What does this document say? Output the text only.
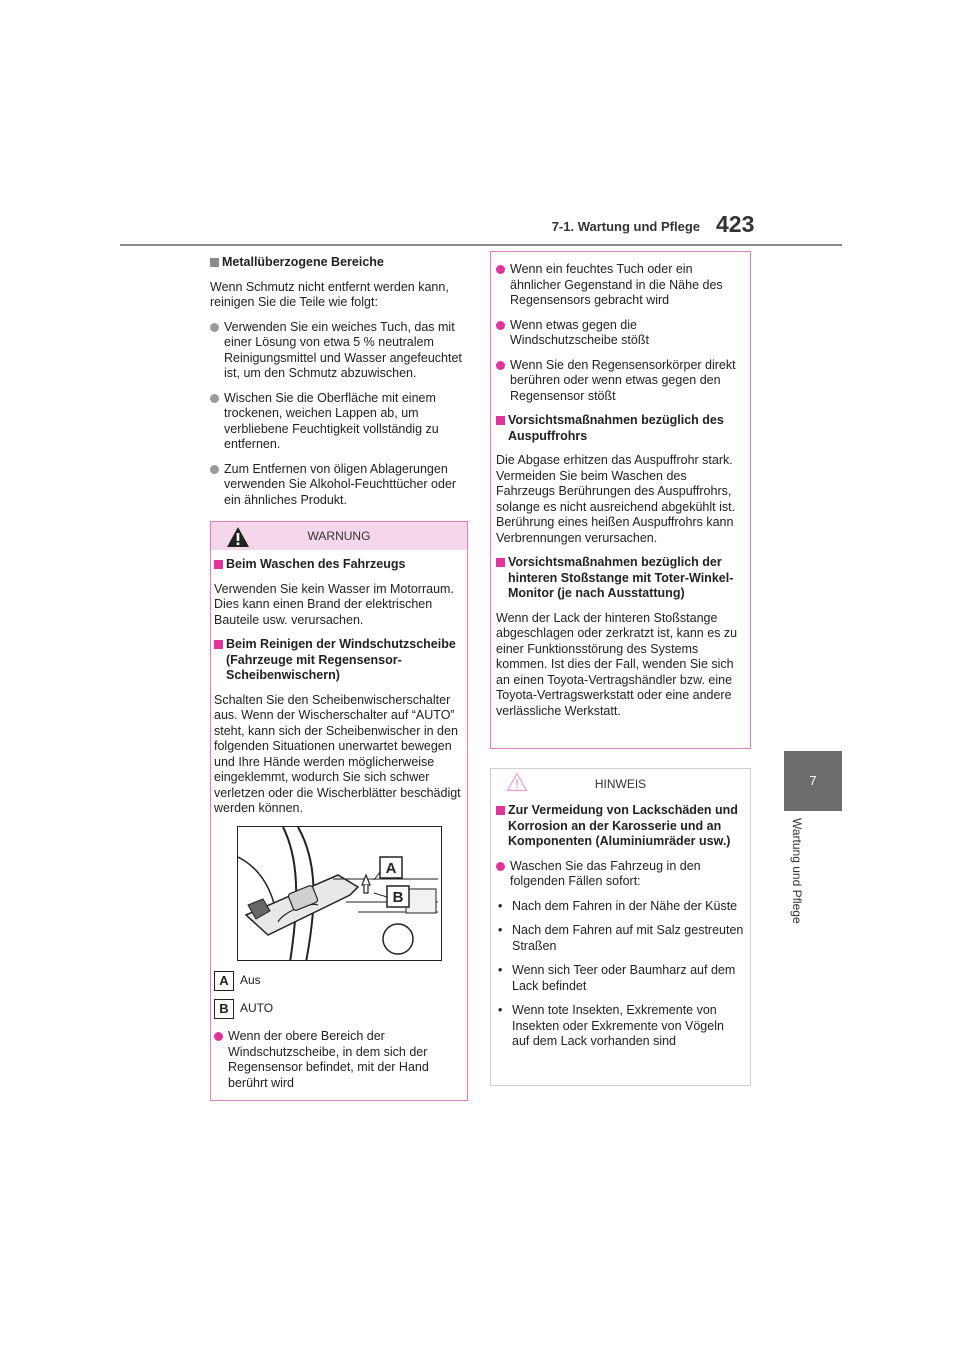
7-1. Wartung und Pflege 423
7
Wartung und Pflege

Metallüberzogene Bereiche

Wenn Schmutz nicht entfernt werden kann, reinigen Sie die Teile wie folgt:

Verwenden Sie ein weiches Tuch, das mit einer Lösung von etwa 5 % neutralem Reinigungsmittel und Wasser angefeuchtet ist, um den Schmutz abzuwischen.

Wischen Sie die Oberfläche mit einem trockenen, weichen Lappen ab, um verbliebene Feuchtigkeit vollständig zu entfernen.

Zum Entfernen von öligen Ablagerungen verwenden Sie Alkohol-Feuchttücher oder ein ähnliches Produkt.

WARNUNG

Beim Waschen des Fahrzeugs

Verwenden Sie kein Wasser im Motorraum. Dies kann einen Brand der elektrischen Bauteile usw. verursachen.

Beim Reinigen der Windschutzscheibe (Fahrzeuge mit Regensensor-Scheibenwischern)

Schalten Sie den Scheibenwischerschalter aus. Wenn der Wischerschalter auf “AUTO” steht, kann sich der Scheibenwischer in den folgenden Situationen unerwartet bewegen und Ihre Hände werden möglicherweise eingeklemmt, wodurch Sie sich schwer verletzen oder die Wischerblätter beschädigt werden können.

A
B
A Aus
B AUTO

Wenn der obere Bereich der Windschutzscheibe, in dem sich der Regensensor befindet, mit der Hand berührt wird

Wenn ein feuchtes Tuch oder ein ähnlicher Gegenstand in die Nähe des Regensensors gebracht wird

Wenn etwas gegen die Windschutzscheibe stößt

Wenn Sie den Regensensorkörper direkt berühren oder wenn etwas gegen den Regensensor stößt

Vorsichtsmaßnahmen bezüglich des Auspuffrohrs

Die Abgase erhitzen das Auspuffrohr stark. Vermeiden Sie beim Waschen des Fahrzeugs Berührungen des Auspuffrohrs, solange es nicht ausreichend abgekühlt ist. Berührung eines heißen Auspuffrohrs kann Verbrennungen verursachen.

Vorsichtsmaßnahmen bezüglich der hinteren Stoßstange mit Toter-Winkel-Monitor (je nach Ausstattung)

Wenn der Lack der hinteren Stoßstange abgeschlagen oder zerkratzt ist, kann es zu einer Funktionsstörung des Systems kommen. Ist dies der Fall, wenden Sie sich an einen Toyota-Vertragshändler bzw. eine Toyota-Vertragswerkstatt oder eine andere verlässliche Werkstatt.

HINWEIS

Zur Vermeidung von Lackschäden und Korrosion an der Karosserie und an Komponenten (Aluminiumräder usw.)

Waschen Sie das Fahrzeug in den folgenden Fällen sofort:

• Nach dem Fahren in der Nähe der Küste

• Nach dem Fahren auf mit Salz gestreuten Straßen

• Wenn sich Teer oder Baumharz auf dem Lack befindet

• Wenn tote Insekten, Exkremente von Insekten oder Exkremente von Vögeln auf dem Lack vorhanden sind
